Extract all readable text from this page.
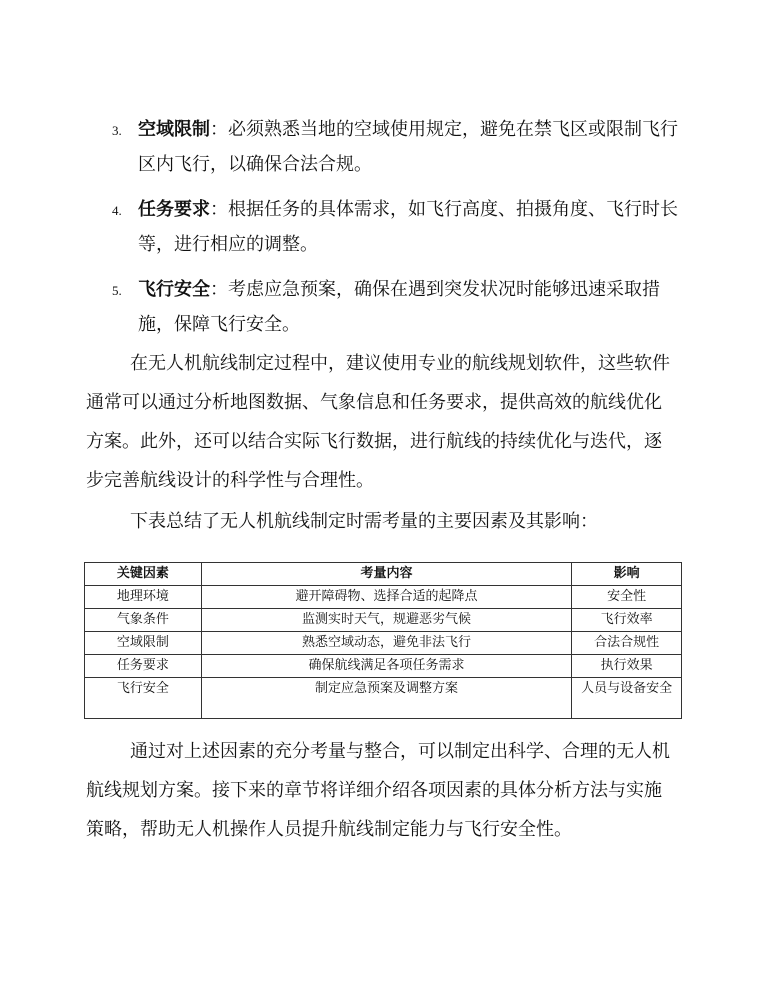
3. 空域限制：必须熟悉当地的空域使用规定，避免在禁飞区或限制飞行区内飞行，以确保合法合规。
4. 任务要求：根据任务的具体需求，如飞行高度、拍摄角度、飞行时长等，进行相应的调整。
5. 飞行安全：考虑应急预案，确保在遇到突发状况时能够迅速采取措施，保障飞行安全。

在无人机航线制定过程中，建议使用专业的航线规划软件，这些软件通常可以通过分析地图数据、气象信息和任务要求，提供高效的航线优化方案。此外，还可以结合实际飞行数据，进行航线的持续优化与迭代，逐步完善航线设计的科学性与合理性。

下表总结了无人机航线制定时需考量的主要因素及其影响：

关键因素	考量内容	影响
地理环境	避开障碍物、选择合适的起降点	安全性
气象条件	监测实时天气，规避恶劣气候	飞行效率
空域限制	熟悉空域动态，避免非法飞行	合法合规性
任务要求	确保航线满足各项任务需求	执行效果
飞行安全	制定应急预案及调整方案	人员与设备安全

通过对上述因素的充分考量与整合，可以制定出科学、合理的无人机航线规划方案。接下来的章节将详细介绍各项因素的具体分析方法与实施策略，帮助无人机操作人员提升航线制定能力与飞行安全性。
